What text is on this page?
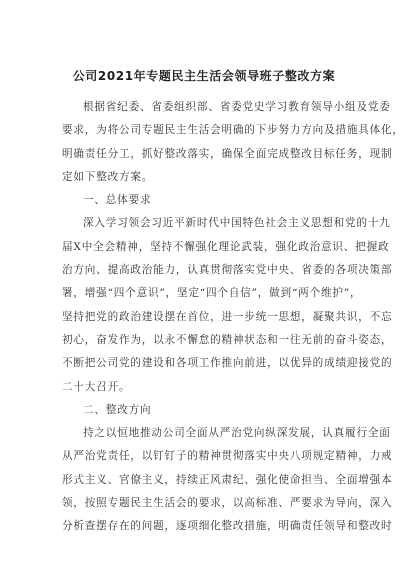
公司2021年专题民主生活会领导班子整改方案
根据省纪委、省委组织部、省委党史学习教育领导小组及党委
要求，为将公司专题民主生活会明确的下步努力方向及措施具体化，
明确责任分工，抓好整改落实，确保全面完成整改目标任务，现制
定如下整改方案。
一、总体要求
深入学习领会习近平新时代中国特色社会主义思想和党的十九
届X中全会精神，坚持不懈强化理论武装，强化政治意识、把握政
治方向、提高政治能力，认真贯彻落实党中央、省委的各项决策部
署，增强“四个意识”，坚定“四个自信”，做到“两个维护”，
坚持把党的政治建设摆在首位，进一步统一思想，凝聚共识，不忘
初心，奋发作为，以永不懈怠的精神状态和一往无前的奋斗姿态，
不断把公司党的建设和各项工作推向前进，以优异的成绩迎接党的
二十大召开。
二、整改方向
持之以恒地推动公司全面从严治党向纵深发展，认真履行全面
从严治党责任，以钉钉子的精神贯彻落实中央八项规定精神，力戒
形式主义、官僚主义，持续正风肃纪、强化使命担当、全面增强本
领，按照专题民主生活会的要求，以高标准、严要求为导向，深入
分析查摆存在的问题，逐项细化整改措施，明确责任领导和整改时
